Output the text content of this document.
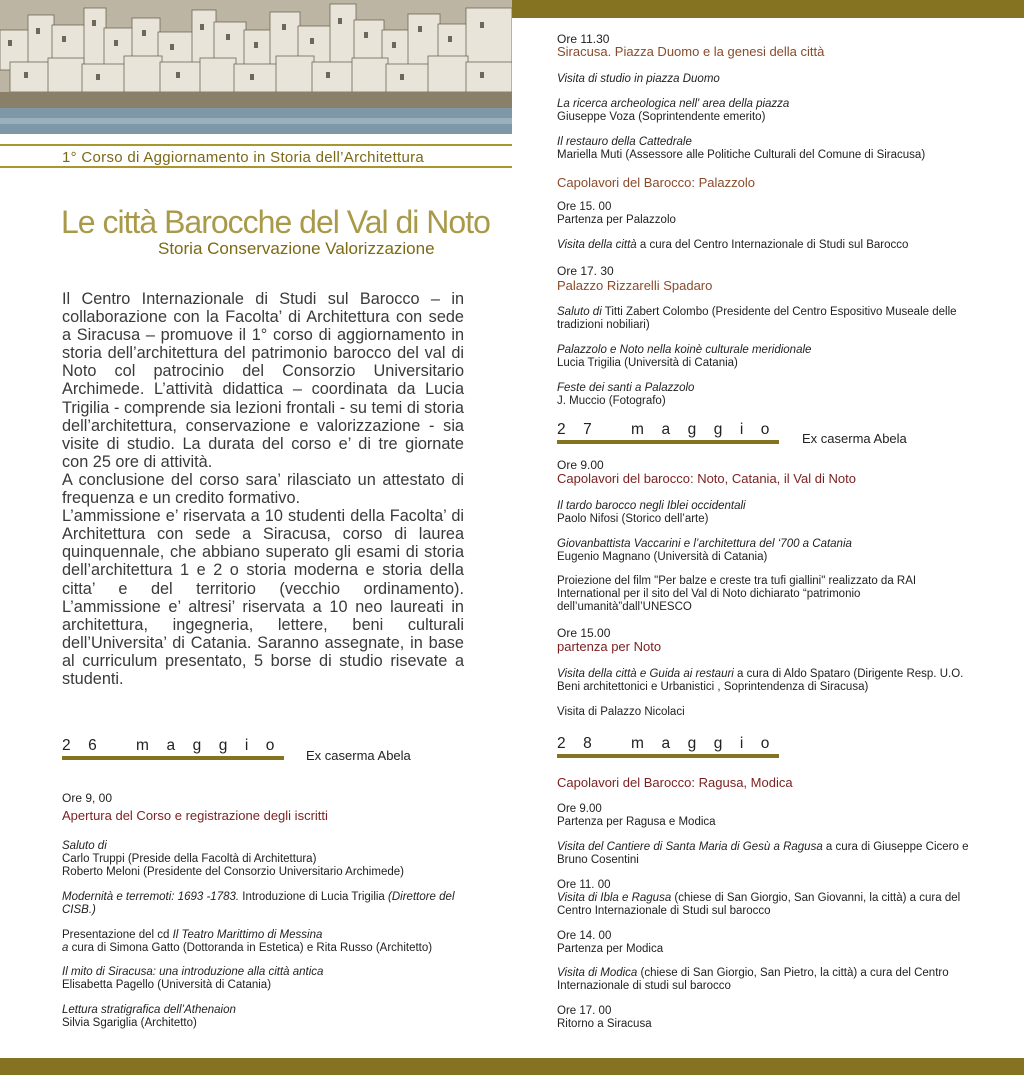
1° Corso di Aggiornamento in Storia dell’Architettura
Le città Barocche del Val di Noto
Storia Conservazione Valorizzazione

Il Centro Internazionale di Studi sul Barocco – in collaborazione con la Facolta’ di Architettura con sede a Siracusa – promuove il 1° corso di aggiornamento in storia dell’architettura del patrimonio barocco del val di Noto col patrocinio del Consorzio Universitario Archimede. L’attività didattica – coordinata da Lucia Trigilia - comprende sia lezioni frontali - su temi di storia dell’architettura, conservazione e valorizzazione - sia visite di studio. La durata del corso e’ di tre giornate con 25 ore di attività.

A conclusione del corso sara’ rilasciato un attestato di frequenza e un credito formativo.

L’ammissione e’ riservata a 10 studenti della Facolta’ di Architettura con sede a Siracusa, corso di laurea quinquennale, che abbiano superato gli esami di storia dell’architettura 1 e 2 o storia moderna e storia della citta’ e del territorio (vecchio ordinamento). L’ammissione e’ altresi’ riservata a 10 neo laureati in architettura, ingegneria, lettere, beni culturali dell’Universita’ di Catania. Saranno assegnate, in base al curriculum presentato, 5 borse di studio risevate a studenti.

26 maggio
Ex caserma Abela
Ore 9, 00
Apertura del Corso e registrazione degli iscritti
Saluto di
Carlo Truppi (Preside della Facoltà di Architettura)
Roberto Meloni (Presidente del Consorzio Universitario Archimede)
Modernità e terremoti: 1693 -1783. Introduzione di Lucia Trigilia (Direttore del CISB.)
Presentazione del cd Il Teatro Marittimo di Messina
a cura di Simona Gatto (Dottoranda in Estetica) e Rita Russo (Architetto)
Il mito di Siracusa: una introduzione alla città antica
Elisabetta Pagello (Università di Catania)
Lettura stratigrafica dell’Athenaion
Silvia Sgariglia (Architetto)
Ore 11.30
Siracusa. Piazza Duomo e la genesi della città
Visita di studio in piazza Duomo
La ricerca archeologica nell' area della piazza
Giuseppe Voza (Soprintendente emerito)
Il restauro della Cattedrale
Mariella Muti (Assessore alle Politiche Culturali del Comune di Siracusa)
Capolavori del Barocco: Palazzolo
Ore 15. 00
Partenza per Palazzolo
Visita della città a cura del Centro Internazionale di Studi sul Barocco
Ore 17. 30
Palazzo Rizzarelli Spadaro
Saluto di Titti Zabert Colombo (Presidente del Centro Espositivo Museale delle tradizioni nobiliari)
Palazzolo e Noto nella koinè culturale meridionale
Lucia Trigilia (Università di Catania)
Feste dei santi a Palazzolo
J. Muccio (Fotografo)
27 maggio
Ex caserma Abela
Ore 9.00
Capolavori del barocco: Noto, Catania, il Val di Noto
Il tardo barocco negli Iblei occidentali
Paolo Nifosi (Storico dell’arte)
Giovanbattista Vaccarini e l’architettura del ‘700 a Catania
Eugenio Magnano (Università di Catania)
Proiezione del film "Per balze e creste tra tufi giallini" realizzato da RAI International per il sito del Val di Noto dichiarato “patrimonio dell’umanità”dall’UNESCO
Ore 15.00
partenza per Noto
Visita della città e Guida ai restauri a cura di Aldo Spataro (Dirigente Resp. U.O. Beni architettonici e Urbanistici , Soprintendenza di Siracusa)
Visita di Palazzo Nicolaci
28 maggio
Capolavori del Barocco: Ragusa, Modica
Ore 9.00
Partenza per Ragusa e Modica
Visita del Cantiere di Santa Maria di Gesù a Ragusa a cura di Giuseppe Cicero e Bruno Cosentini
Ore 11. 00
Visita di Ibla e Ragusa (chiese di San Giorgio, San Giovanni, la città) a cura del Centro Internazionale di Studi sul barocco
Ore 14. 00
Partenza per Modica
Visita di Modica (chiese di San Giorgio, San Pietro, la città) a cura del Centro Internazionale di studi sul barocco
Ore 17. 00
Ritorno a Siracusa
